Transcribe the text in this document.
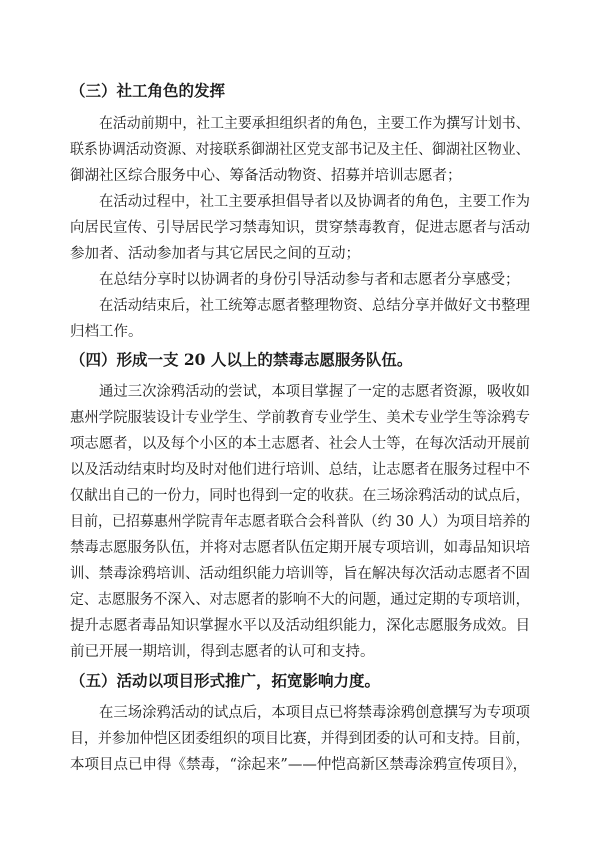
（三）社工角色的发挥
在活动前期中，社工主要承担组织者的角色，主要工作为撰写计划书、
联系协调活动资源、对接联系御湖社区党支部书记及主任、御湖社区物业、
御湖社区综合服务中心、筹备活动物资、招募并培训志愿者；
在活动过程中，社工主要承担倡导者以及协调者的角色，主要工作为
向居民宣传、引导居民学习禁毒知识，贯穿禁毒教育，促进志愿者与活动
参加者、活动参加者与其它居民之间的互动；
在总结分享时以协调者的身份引导活动参与者和志愿者分享感受；
在活动结束后，社工统筹志愿者整理物资、总结分享并做好文书整理
归档工作。
（四）形成一支 20 人以上的禁毒志愿服务队伍。
通过三次涂鸦活动的尝试，本项目掌握了一定的志愿者资源，吸收如
惠州学院服装设计专业学生、学前教育专业学生、美术专业学生等涂鸦专
项志愿者，以及每个小区的本土志愿者、社会人士等，在每次活动开展前
以及活动结束时均及时对他们进行培训、总结，让志愿者在服务过程中不
仅献出自己的一份力，同时也得到一定的收获。在三场涂鸦活动的试点后，
目前，已招募惠州学院青年志愿者联合会科普队（约 30 人）为项目培养的
禁毒志愿服务队伍，并将对志愿者队伍定期开展专项培训，如毒品知识培
训、禁毒涂鸦培训、活动组织能力培训等，旨在解决每次活动志愿者不固
定、志愿服务不深入、对志愿者的影响不大的问题，通过定期的专项培训，
提升志愿者毒品知识掌握水平以及活动组织能力，深化志愿服务成效。目
前已开展一期培训，得到志愿者的认可和支持。
（五）活动以项目形式推广，拓宽影响力度。
在三场涂鸦活动的试点后，本项目点已将禁毒涂鸦创意撰写为专项项
目，并参加仲恺区团委组织的项目比赛，并得到团委的认可和支持。目前，
本项目点已申得《禁毒，“涂起来”——仲恺高新区禁毒涂鸦宣传项目》，
